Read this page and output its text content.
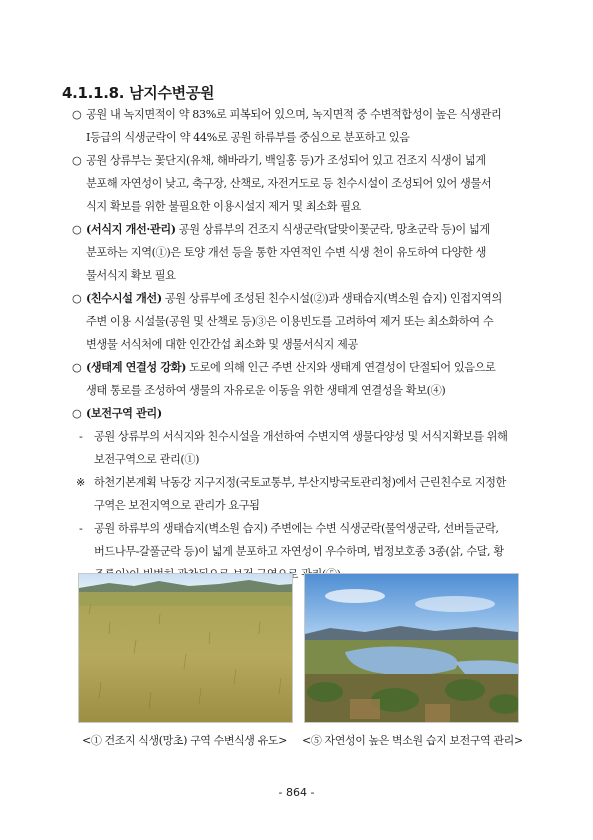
4.1.1.8. 남지수변공원

○ 공원 내 녹지면적이 약 83%로 피복되어 있으며, 녹지면적 중 수변적합성이 높은 식생관리
I등급의 식생군락이 약 44%로 공원 하류부를 중심으로 분포하고 있음

○ 공원 상류부는 꽃단지(유채, 해바라기, 백일홍 등)가 조성되어 있고 건조지 식생이 넓게
분포해 자연성이 낮고, 축구장, 산책로, 자전거도로 등 친수시설이 조성되어 있어 생물서
식지 확보를 위한 불필요한 이용시설지 제거 및 최소화 필요

○ (서식지 개선·관리) 공원 상류부의 건조지 식생군락(달맞이꽃군락, 망초군락 등)이 넓게
분포하는 지역(①)은 토양 개선 등을 통한 자연적인 수변 식생 천이 유도하여 다양한 생
물서식지 확보 필요

○ (친수시설 개선) 공원 상류부에 조성된 친수시설(②)과 생태습지(벽소원 습지) 인접지역의
주변 이용 시설물(공원 및 산책로 등)③은 이용빈도를 고려하여 제거 또는 최소화하여 수
변생물 서식처에 대한 인간간섭 최소화 및 생물서식지 제공

○ (생태계 연결성 강화) 도로에 의해 인근 주변 산지와 생태계 연결성이 단절되어 있음으로
생태 통로를 조성하여 생물의 자유로운 이동을 위한 생태계 연결성을 확보(④)

○ (보전구역 관리)

- 공원 상류부의 서식지와 친수시설을 개선하여 수변지역 생물다양성 및 서식지확보를 위해
보전구역으로 관리(①)

※ 하천기본계획 낙동강 지구지정(국토교통부, 부산지방국토관리청)에서 근린친수로 지정한
구역은 보전지역으로 관리가 요구됨

- 공원 하류부의 생태습지(벽소원 습지) 주변에는 수변 식생군락(물억생군락, 선버들군락,
버드나무-갈풀군락 등)이 넓게 분포하고 자연성이 우수하며, 법정보호종 3종(삵, 수달, 황

<① 건조지 식생(망초) 구역 수변식생 유도> <⑤ 자연성이 높은 벽소원 습지 보전구역 관리>
- 864 -
